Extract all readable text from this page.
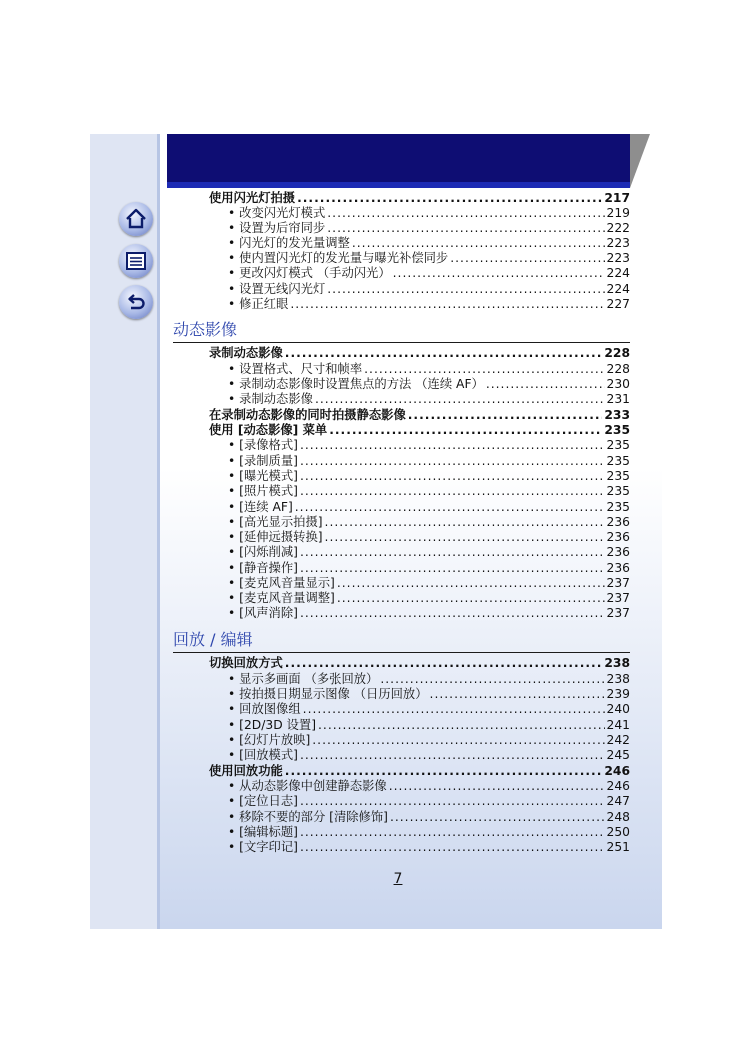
使用闪光灯拍摄 .....	217
• 改变闪光灯模式 .....	219
• 设置为后帘同步 .....	222
• 闪光灯的发光量调整 .....	223
• 使内置闪光灯的发光量与曝光补偿同步 .....	223
• 更改闪灯模式 （手动闪光） .....	224
• 设置无线闪光灯 .....	224
• 修正红眼 .....	227
动态影像
录制动态影像 .....	228
• 设置格式、尺寸和帧率 .....	228
• 录制动态影像时设置焦点的方法 （连续 AF） .....	230
• 录制动态影像 .....	231
在录制动态影像的同时拍摄静态影像 .....	233
使用 [动态影像] 菜单 .....	235
• [录像格式] .....	235
• [录制质量] .....	235
• [曝光模式] .....	235
• [照片模式] .....	235
• [连续 AF] .....	235
• [高光显示拍摄] .....	236
• [延伸远摄转换] .....	236
• [闪烁削减] .....	236
• [静音操作] .....	236
• [麦克风音量显示] .....	237
• [麦克风音量调整] .....	237
• [风声消除] .....	237
回放 / 编辑
切换回放方式 .....	238
• 显示多画面 （多张回放） .....	238
• 按拍摄日期显示图像 （日历回放） .....	239
• 回放图像组 .....	240
• [2D/3D 设置] .....	241
• [幻灯片放映] .....	242
• [回放模式] .....	245
使用回放功能 .....	246
• 从动态影像中创建静态影像 .....	246
• [定位日志] .....	247
• 移除不要的部分 [清除修饰] .....	248
• [编辑标题] .....	250
• [文字印记] .....	251
7
